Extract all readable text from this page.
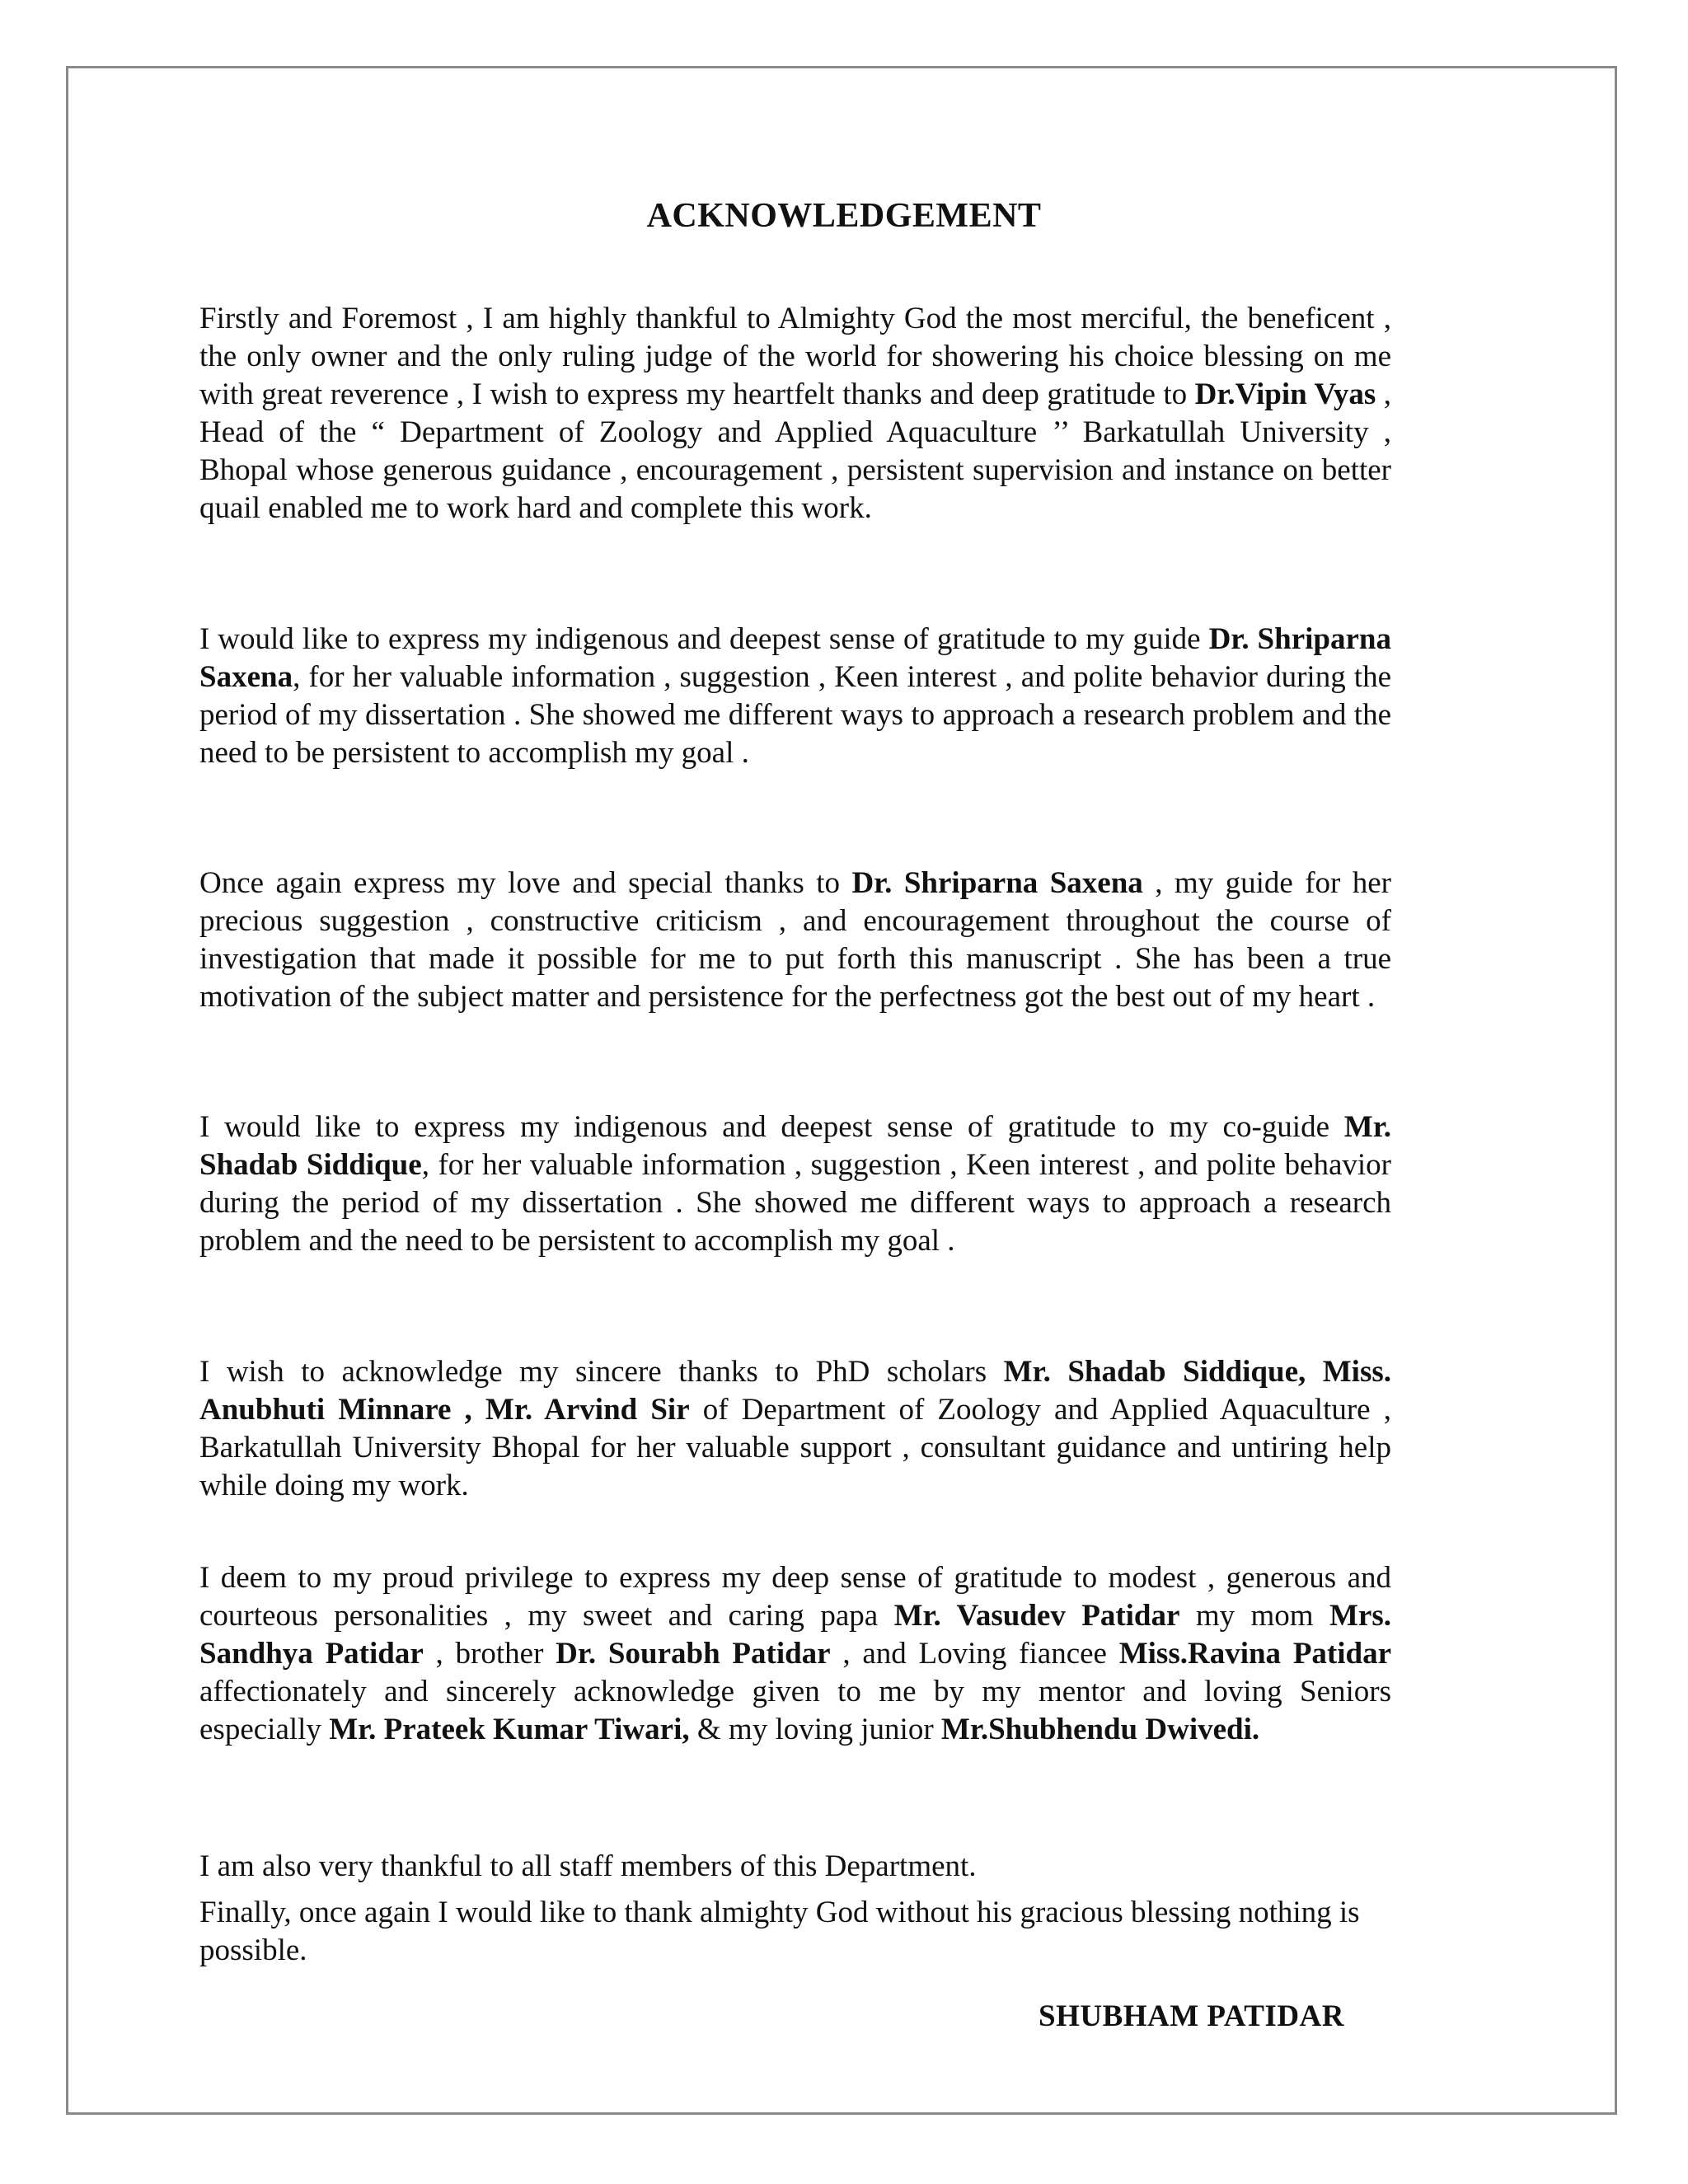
ACKNOWLEDGEMENT

Firstly and Foremost , I am highly thankful to Almighty God the most merciful, the beneficent , the only owner and the only ruling judge of the world for showering his choice blessing on me with great reverence , I wish to express my heartfelt thanks and deep gratitude to Dr.Vipin Vyas , Head of the “ Department of Zoology and Applied Aquaculture ’’ Barkatullah University , Bhopal whose generous guidance , encouragement , persistent supervision and instance on better quail enabled me to work hard and complete this work.

I would like to express my indigenous and deepest sense of gratitude to my guide Dr. Shriparna Saxena, for her valuable information , suggestion , Keen interest , and polite behavior during the period of my dissertation . She showed me different ways to approach a research problem and the need to be persistent to accomplish my goal .

Once again express my love and special thanks to Dr. Shriparna Saxena , my guide for her precious suggestion , constructive criticism , and encouragement throughout the course of investigation that made it possible for me to put forth this manuscript . She has been a true motivation of the subject matter and persistence for the perfectness got the best out of my heart .

I would like to express my indigenous and deepest sense of gratitude to my co-guide Mr. Shadab Siddique, for her valuable information , suggestion , Keen interest , and polite behavior during the period of my dissertation . She showed me different ways to approach a research problem and the need to be persistent to accomplish my goal .

I wish to acknowledge my sincere thanks to PhD scholars Mr. Shadab Siddique, Miss. Anubhuti Minnare , Mr. Arvind Sir of Department of Zoology and Applied Aquaculture , Barkatullah University Bhopal for her valuable support , consultant guidance and untiring help while doing my work.

I deem to my proud privilege to express my deep sense of gratitude to modest , generous and courteous personalities , my sweet and caring papa Mr. Vasudev Patidar my mom Mrs. Sandhya Patidar , brother Dr. Sourabh Patidar , and Loving fiancee Miss.Ravina Patidar affectionately and sincerely acknowledge given to me by my mentor and loving Seniors especially Mr. Prateek Kumar Tiwari, & my loving junior Mr.Shubhendu Dwivedi.

I am also very thankful to all staff members of this Department.

Finally, once again I would like to thank almighty God without his gracious blessing nothing is possible.

SHUBHAM PATIDAR
